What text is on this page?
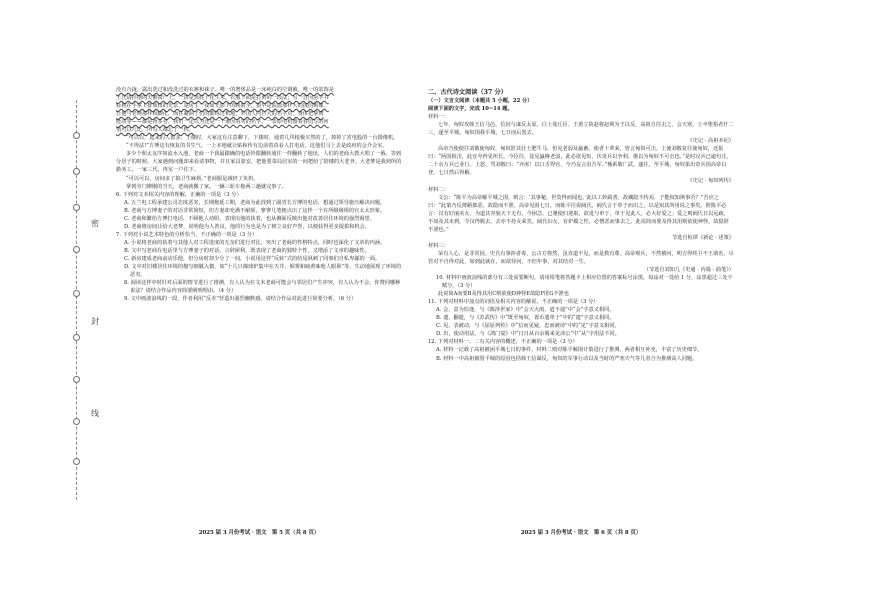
密
封
线

没有合拢，露出洗过和没洗过的衣裤和袜子。唯一的奢侈品是一床纯白的空调被。唯一的装饰是

王氏请挂钢的天鹅窝产上，一饼是黑底子花生米，衣服下面是打黄的一段法；另一首因房字书

标树在手掌上排成枝的光景，是房主一夜如光影下的映射全，很早是流溢那样大的拢的赐像。

让他与老师那样相脚化，而在凝洞了们的都练过机地，外国人同巨大的名字对，身体把拿到

能动等——都是肾多苔。我们一定以为还是一个谁因看劣的名字。一表原电机器看看的写的何

情可以几比，所有人都忘了一枕。

“可以以，起来的人很多。上楼时，大家这有注意聊下，下楼时，通着几块棱极买然的了，掉掉了省电股的一台摄像机。

“不得法!”方博这有恢复的书生气。一上本地就让贴和传有边前着真看人打电话，这他们马上去是政府的会介会室。

多少个和太友序如流水入池，老商一个我最跟确的电话铃限翻转通往一样翻转了地址，人们的老商大教大唱了一番。等到分居子的时候，大家遇到问题却来看请事物，并且家具靠安，把他要菜局居室的一间把给了陪楼的大老爷。大老梦是我到所的勤务工，一家三代，再室一户住下。

“可以可以，房间多了搞卫生麻烦。”老商服是减轻了负担。

掌到旁门铆刚的当天，老商就搬了家。一辆三轮车拖两三趟就完事了。

6. 下列对文本相关内容的理解，正确的一项是（3 分）

A. 五兰电工程承建公司态度恶劣，长期拖延工期，老商为此找到了副省长方博的电话，想通过领导施压解决问题。

B. 老商与方博妻子的对话非常简短，但方妻却充满不耐烦，寥寥几笔便点出了这样一个在所级级组的官太太形象。

C. 老商和繁给方博打电话，不顾他人劝阻，表现出他的执着，也从侧面反映出他对改善居住环境的强烈渴望。

D. 老商将房间让给大老梦，说明他为人善良，他的行为也是为了树立良好声誉，以便获得更多提拔和机会。

7. 下列对小说艺术特色的分析恰当，不正确的一项是（3 分）

A. 小说将老商的执着与其他人对工程进度的无奈们进行对比，突出了老商的性格特点，同时也深化了文章的内涵。

B. 文中写老商在电话里与方博妻子的对话，言辞犀利，既表现了老商的独特个性，又增添了文章的趣味性。

C. 新房建成老商前动乐他，但分房时却少分了一间，小说用这样“反转”式的结尾讽刺了同事们自私卑鄙的一面。

D. 文中对旧楼居住环境的描写细腻入微，如“十几只煤球炉集中在天井，烟雾和硫黄味呛人眼鼻”等，生动地展现了环境的恶劣。

8. 阅读这样中时针对后面的情节进行了推测，有人认为在文末老商可能会与邻居们产生冲突，有人认为不会。你赞同哪种说法？请结合作品内容简要阐明理由。（4 分）

9. 文中画波浪线的一段，作者利用“反差”营造出强烈幽默感。请结合作品对此进行简要分析。（6 分）

2025 届 3 月份考试 · 语文　第 5 页（共 8 页）

二、古代诗文阅读（37 分）

（一）文言文阅读（本题共 5 小题，22 分）

阅读下面的文字，完成 10~14 题。

材料一：

七年，匈奴攻韩王信马邑，信因与谋反太原。白土曼丘臣、王黄立故赵将赵利为王以反，高祖自往击之。会天寒，士卒堕指者什二三，遂至平城。匈奴围我平城，七日而后罢去。

《史记 · 高祖本纪》

高帝乃使使往刘敬使匈奴，匈奴匿其壮士肥牛马，但见老弱及羸畜。使者十辈来，皆言匈奴可击。上使刘敬复往使匈奴，还报曰：“两国相击，此宜夸矜见所长。今臣往，徒见羸瘠老弱，此必欲见短，伏奇兵以争利。愚以为匈奴不可击也。”是时汉兵已逾句注，二十余万兵已业行。上怒，骂刘敬曰：“齐虏！以口舌得官，今乃妄言沮吾军。”械系敬广武。遂往，至平城，匈奴果出奇兵围高帝白登，七日然后得解。

《史记 · 匈奴列传》

材料二：

文公：“陈平为高帝解平城之围，则言：‘其事秘，世莫得而闻也。’此以工妙踦善，故藏隐不传焉，子能权知斯事否？”吾应之曰：“此策乃反薄陋拙恶，故隐而不泄。高帝见围七日，而陈平往说阏氏，阏氏言于单于而出之，以是知其所用说之事矣。彼陈平必言：汉有好丽美女，为道其容貌天下无有，今困急，已驰使归迎取，欲进与单于。单于见此人，必大好爱之；爱之则阏氏日以远疏，不如及其未到，令汉得脱去，去亦不持女来矣。阏氏妇女，有妒媚之性，必憎恶而事去之。此说简而要及得其用则欲使神怪，故隐匿不泄也。”

节选自桓谭《新论 · 述策》

材料三：

荣有人心，是非常因。史氏有事涉者毒，公古方将然，虽直道不见，而是教有尊。高帝观兵，不然被问，明吉得终卫不王诸名，尽管对不自得对此，如到此就在，而欲待问，不但年事，对其结对一生。

（节选自刘知几《史通 · 内篇 · 曲笔》）

10. 材料中画波浪线的部分有三处需要断句，请用铅笔将答题卡上相应位置的答案标号涂黑，每涂对一处给 1 分，涂黑超过三处不赋分。（3 分）

此说简A而要B及得其用C则欲使D神怪E故隐F匿G不泄也

11. 下列对材料中加点的词语及相关内容的解说，不正确的一项是（3 分）

A. 会，意为恰逢，与《陈涉世家》中“会天大雨，道不通”中“会”字意义相同。

B. 遣，翻遣，与《苏武传》中“既至匈奴，置币遗单于”中的“遗”字意义相同。

C. 见，表被动，与《屈原列传》中“信而见疑，忠而被谤”中的“见”字意义相同。

D. 出，使动用法，与《鸿门宴》中“日日从百余骑来见沛公”中“从”字用法不同。

12. 下列对材料一、二有关内容的概述，不正确的一项是（3 分）

A. 材料一记载了高祖被困平城七日的事件，材料二则对陈平解围计策进行了推测，两者相互补充，丰富了历史细节。

B. 材料一中高祖被围平城的原因包括韩王信谋反，匈奴的军事行动以及当时的严寒天气等几者合为推测高人同题。

2025 届 3 月份考试 · 语文　第 6 页（共 8 页）
